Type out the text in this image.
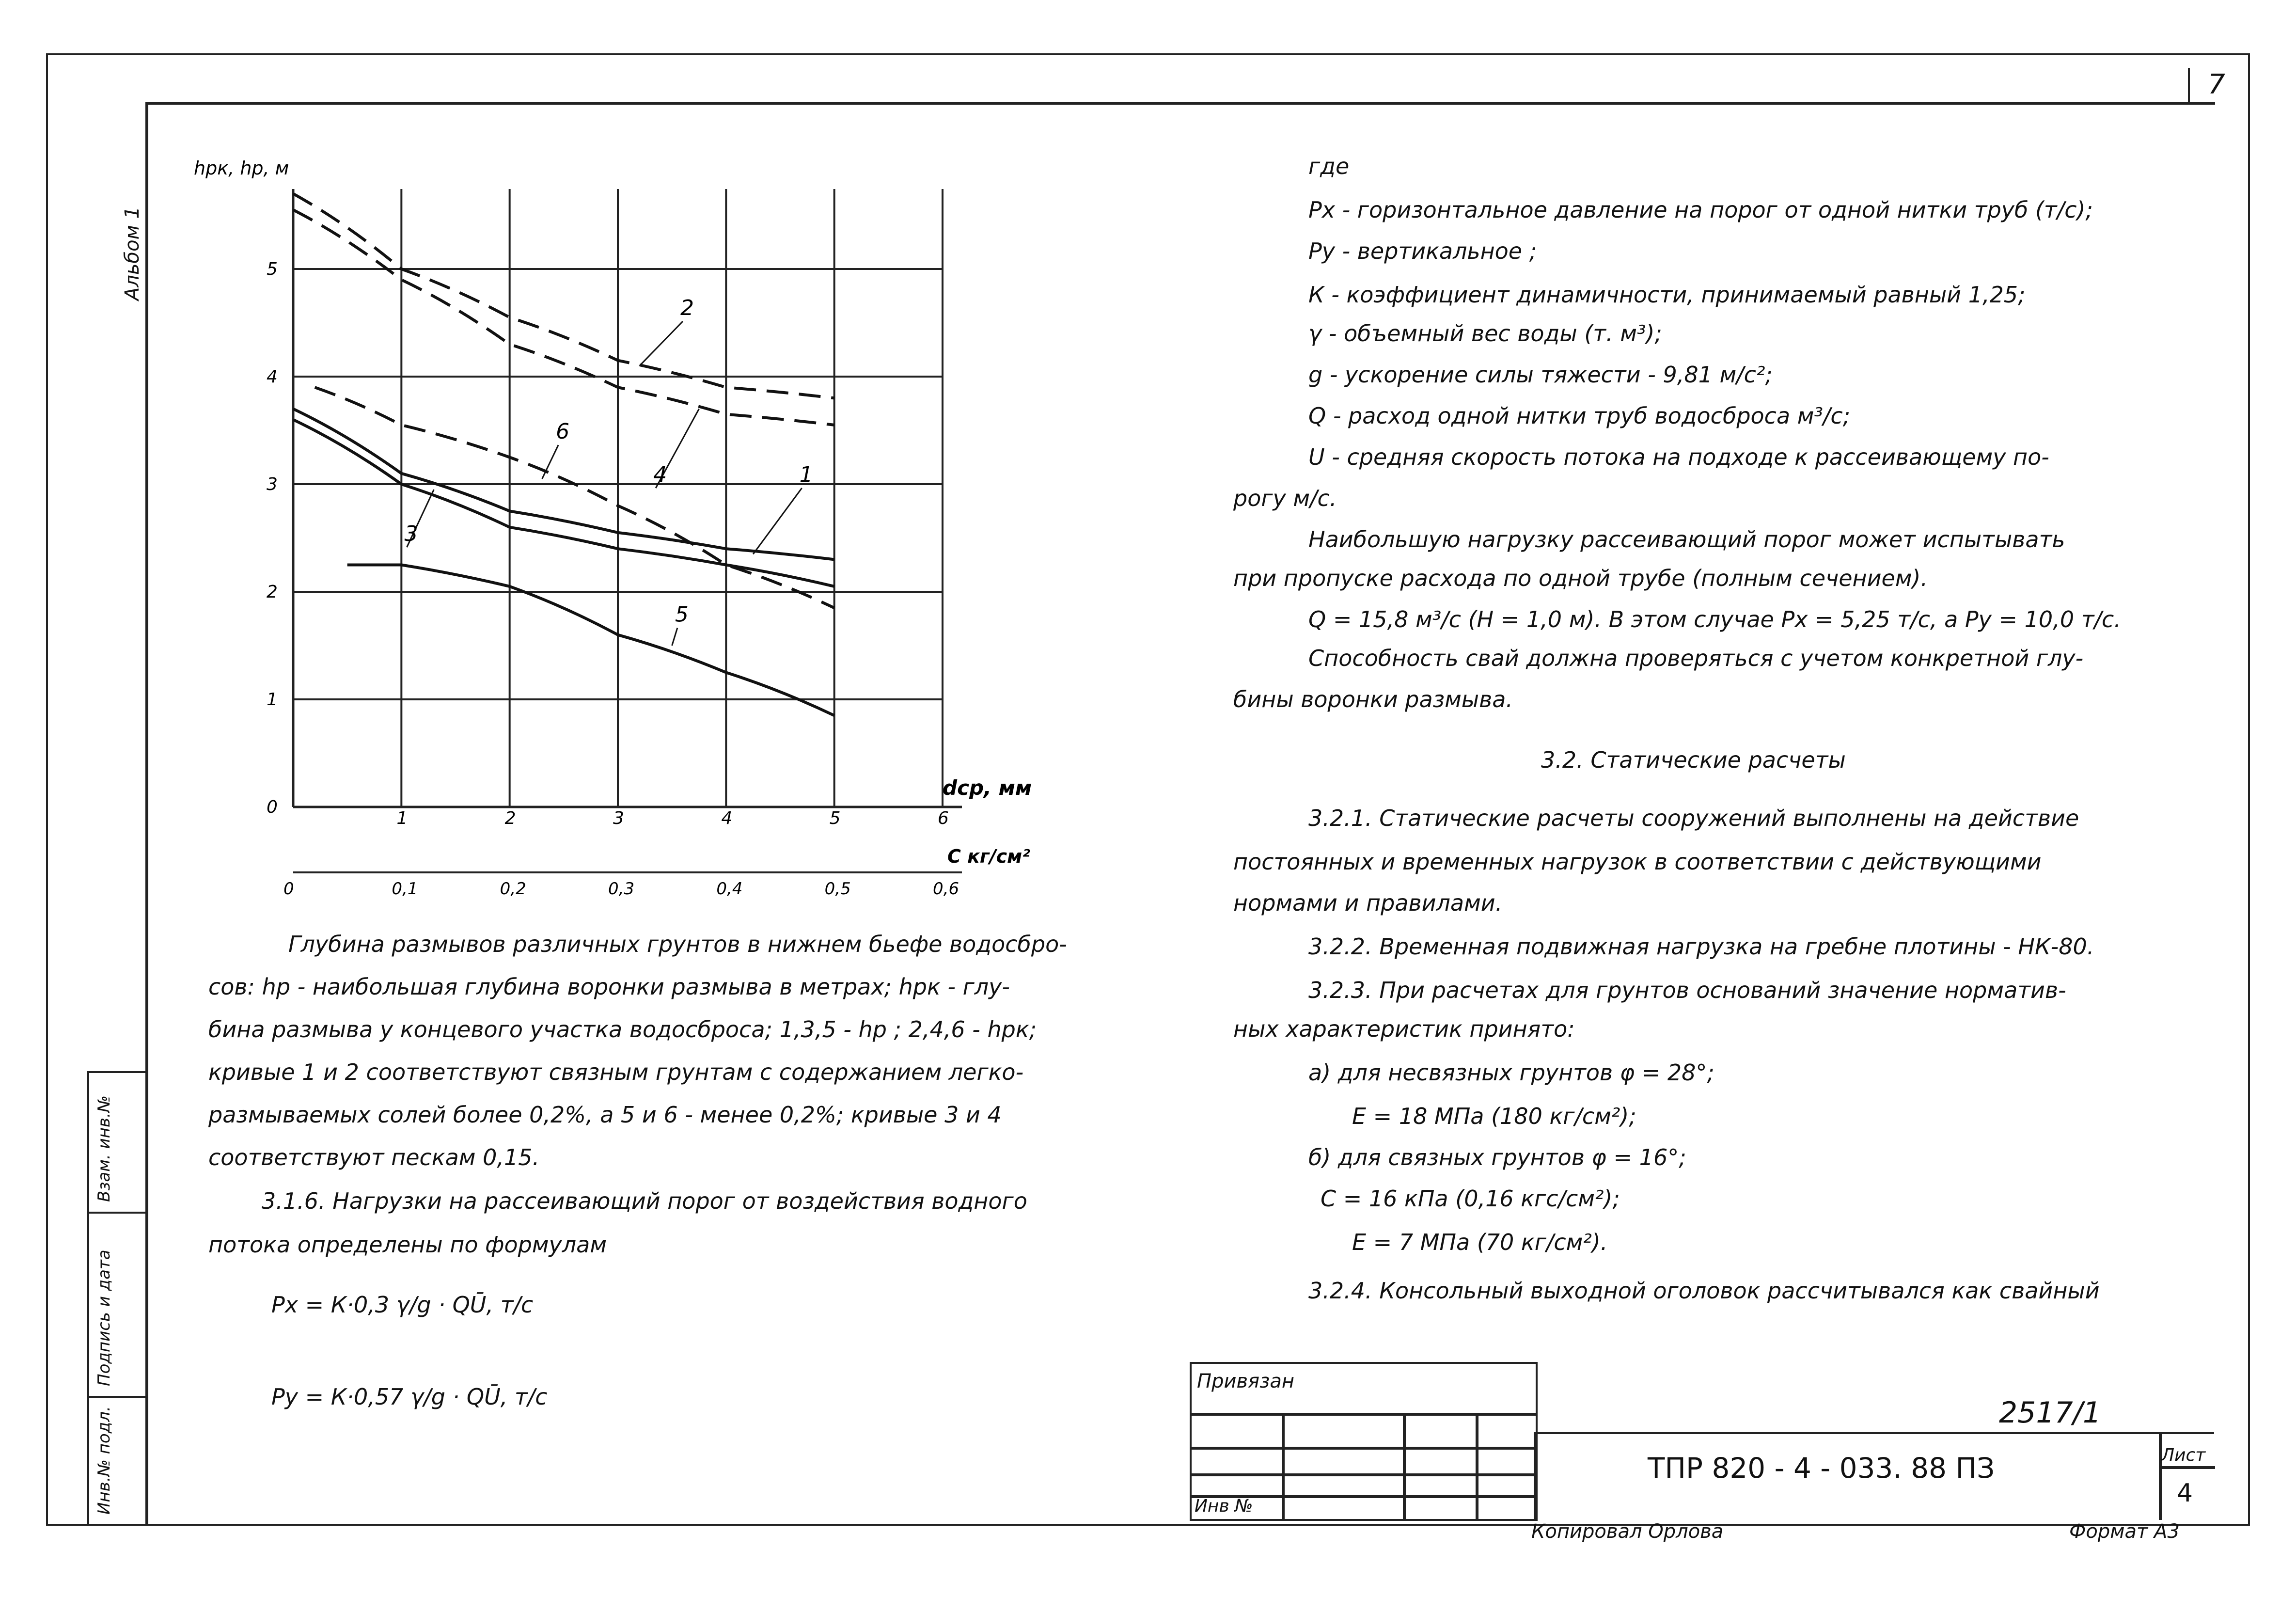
7
Альбом 1
Инв.№ подл.
Подпись и дата
Взам. инв.№
0
1
2
3
4
5
1	2	3	4	5	6
0	0,1	0,2	0,3	0,4	0,5	0,6
1
2
3
4
5
6
hрк, hр, м
dср, мм
С кг/см²
Глубина размывов различных грунтов в нижнем бьефе водосбро-
сов: hр - наибольшая глубина воронки размыва в метрах; hрк - глу-
бина размыва у концевого участка водосброса; 1,3,5 - hр ; 2,4,6 - hрк;
кривые 1 и 2 соответствуют связным грунтам с содержанием легко-
размываемых солей более 0,2%, а 5 и 6 - менее 0,2%; кривые 3 и 4
соответствуют пескам 0,15.
3.1.6. Нагрузки на рассеивающий порог от воздействия водного
потока определены по формулам
Pх = К·0,3 γ/g · QŪ, т/с
Pу = К·0,57 γ/g · QŪ, т/с
где
Pх - горизонтальное давление на порог от одной нитки труб (т/с);
Pу - вертикальное ;
К - коэффициент динамичности, принимаемый равный 1,25;
γ - объемный вес воды (т. м³);
g - ускорение силы тяжести - 9,81 м/с²;
Q - расход одной нитки труб водосброса м³/с;
U - средняя скорость потока на подходе к рассеивающему по-
рогу м/с.
Наибольшую нагрузку рассеивающий порог может испытывать
при пропуске расхода по одной трубе (полным сечением).
Q = 15,8 м³/с (Н = 1,0 м). В этом случае Pх = 5,25 т/с, а Pу = 10,0 т/с.
Способность свай должна проверяться с учетом конкретной глу-
бины воронки размыва.
3.2. Статические расчеты
3.2.1. Статические расчеты сооружений выполнены на действие
постоянных и временных нагрузок в соответствии с действующими
нормами и правилами.
3.2.2. Временная подвижная нагрузка на гребне плотины - НК-80.
3.2.3. При расчетах для грунтов оснований значение норматив-
ных характеристик принято:
а) для несвязных грунтов φ = 28°;
Е = 18 МПа (180 кг/см²);
б) для связных грунтов φ = 16°;
С = 16 кПа (0,16 кгс/см²);
Е = 7 МПа (70 кг/см²).
3.2.4. Консольный выходной оголовок рассчитывался как свайный
Привязан
Инв №
2517/1
ТПР 820 - 4 - 033. 88 ПЗ	Лист
4
Копировал Орлова	Формат А3
